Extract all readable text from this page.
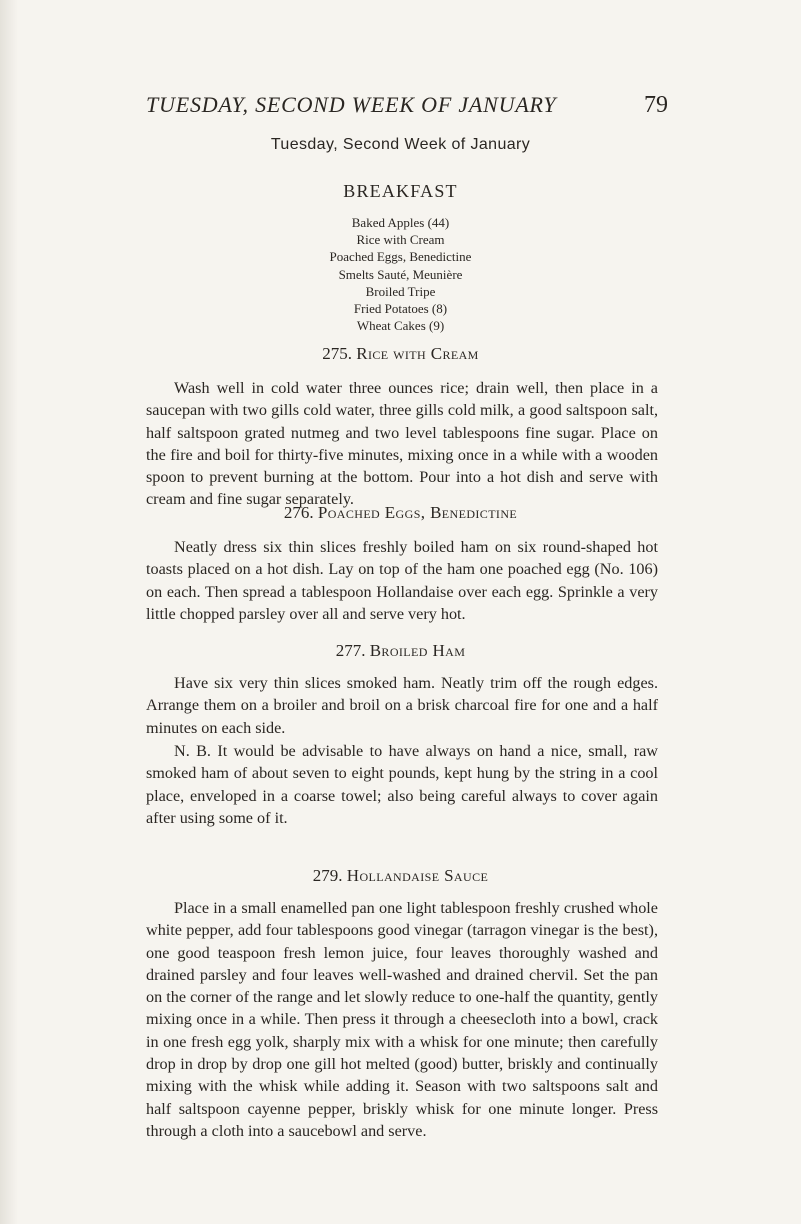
TUESDAY, SECOND WEEK OF JANUARY	79
Tuesday, Second Week of January
BREAKFAST
Baked Apples (44)
Rice with Cream
Poached Eggs, Benedictine
Smelts Sauté, Meunière
Broiled Tripe
Fried Potatoes (8)
Wheat Cakes (9)
275. Rice with Cream

Wash well in cold water three ounces rice; drain well, then place in a saucepan with two gills cold water, three gills cold milk, a good saltspoon salt, half saltspoon grated nutmeg and two level tablespoons fine sugar. Place on the fire and boil for thirty-five minutes, mixing once in a while with a wooden spoon to prevent burning at the bottom. Pour into a hot dish and serve with cream and fine sugar separately.

276. Poached Eggs, Benedictine

Neatly dress six thin slices freshly boiled ham on six round-shaped hot toasts placed on a hot dish. Lay on top of the ham one poached egg (No. 106) on each. Then spread a tablespoon Hollandaise over each egg. Sprinkle a very little chopped parsley over all and serve very hot.

277. Broiled Ham

Have six very thin slices smoked ham. Neatly trim off the rough edges. Arrange them on a broiler and broil on a brisk charcoal fire for one and a half minutes on each side.

N. B. It would be advisable to have always on hand a nice, small, raw smoked ham of about seven to eight pounds, kept hung by the string in a cool place, enveloped in a coarse towel; also being careful always to cover again after using some of it.

279. Hollandaise Sauce

Place in a small enamelled pan one light tablespoon freshly crushed whole white pepper, add four tablespoons good vinegar (tarragon vinegar is the best), one good teaspoon fresh lemon juice, four leaves thoroughly washed and drained parsley and four leaves well-washed and drained chervil. Set the pan on the corner of the range and let slowly reduce to one-half the quantity, gently mixing once in a while. Then press it through a cheesecloth into a bowl, crack in one fresh egg yolk, sharply mix with a whisk for one minute; then carefully drop in drop by drop one gill hot melted (good) butter, briskly and continually mixing with the whisk while adding it. Season with two saltspoons salt and half saltspoon cayenne pepper, briskly whisk for one minute longer. Press through a cloth into a saucebowl and serve.
